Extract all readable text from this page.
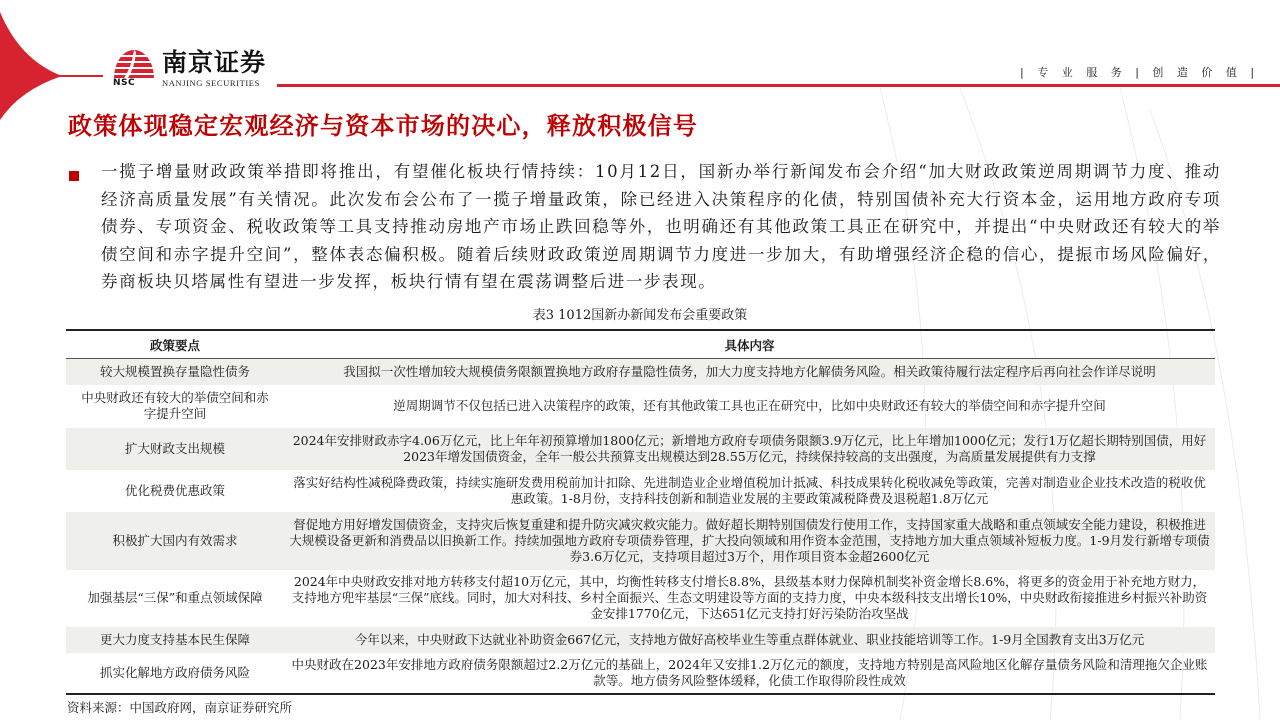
NSC
南京证券
NANJING SECURITIES
| 专 业 服 务 | 创 造 价 值 |
政策体现稳定宏观经济与资本市场的决心，释放积极信号

一揽子增量财政政策举措即将推出，有望催化板块行情持续：10月12日，国新办举行新闻发布会介绍“加大财政政策逆周期调节力度、推动经济高质量发展”有关情况。此次发布会公布了一揽子增量政策，除已经进入决策程序的化债，特别国债补充大行资本金，运用地方政府专项债券、专项资金、税收政策等工具支持推动房地产市场止跌回稳等外，也明确还有其他政策工具正在研究中，并提出“中央财政还有较大的举债空间和赤字提升空间”，整体表态偏积极。随着后续财政政策逆周期调节力度进一步加大，有助增强经济企稳的信心，提振市场风险偏好，券商板块贝塔属性有望进一步发挥，板块行情有望在震荡调整后进一步表现。

表3 1012国新办新闻发布会重要政策
政策要点	具体内容
较大规模置换存量隐性债务	我国拟一次性增加较大规模债务限额置换地方政府存量隐性债务，加大力度支持地方化解债务风险。相关政策待履行法定程序后再向社会作详尽说明
中央财政还有较大的举债空间和赤字提升空间	逆周期调节不仅包括已进入决策程序的政策，还有其他政策工具也正在研究中，比如中央财政还有较大的举债空间和赤字提升空间
扩大财政支出规模	2024年安排财政赤字4.06万亿元，比上年年初预算增加1800亿元；新增地方政府专项债务限额3.9万亿元，比上年增加1000亿元；发行1万亿超长期特别国债，用好2023年增发国债资金，全年一般公共预算支出规模达到28.55万亿元，持续保持较高的支出强度，为高质量发展提供有力支撑
优化税费优惠政策	落实好结构性减税降费政策，持续实施研发费用税前加计扣除、先进制造业企业增值税加计抵减、科技成果转化税收减免等政策，完善对制造业企业技术改造的税收优惠政策。1-8月份，支持科技创新和制造业发展的主要政策减税降费及退税超1.8万亿元
积极扩大国内有效需求	督促地方用好增发国债资金，支持灾后恢复重建和提升防灾减灾救灾能力。做好超长期特别国债发行使用工作，支持国家重大战略和重点领域安全能力建设，积极推进大规模设备更新和消费品以旧换新工作。持续加强地方政府专项债券管理，扩大投向领域和用作资本金范围，支持地方加大重点领域补短板力度。1-9月发行新增专项债券3.6万亿元，支持项目超过3万个，用作项目资本金超2600亿元
加强基层“三保”和重点领域保障	2024年中央财政安排对地方转移支付超10万亿元，其中，均衡性转移支付增长8.8%，县级基本财力保障机制奖补资金增长8.6%，将更多的资金用于补充地方财力，支持地方兜牢基层“三保”底线。同时，加大对科技、乡村全面振兴、生态文明建设等方面的支持力度，中央本级科技支出增长10%，中央财政衔接推进乡村振兴补助资金安排1770亿元，下达651亿元支持打好污染防治攻坚战
更大力度支持基本民生保障	今年以来，中央财政下达就业补助资金667亿元，支持地方做好高校毕业生等重点群体就业、职业技能培训等工作。1-9月全国教育支出3万亿元
抓实化解地方政府债务风险	中央财政在2023年安排地方政府债务限额超过2.2万亿元的基础上，2024年又安排1.2万亿元的额度，支持地方特别是高风险地区化解存量债务风险和清理拖欠企业账款等。地方债务风险整体缓释，化债工作取得阶段性成效
资料来源：中国政府网，南京证券研究所
